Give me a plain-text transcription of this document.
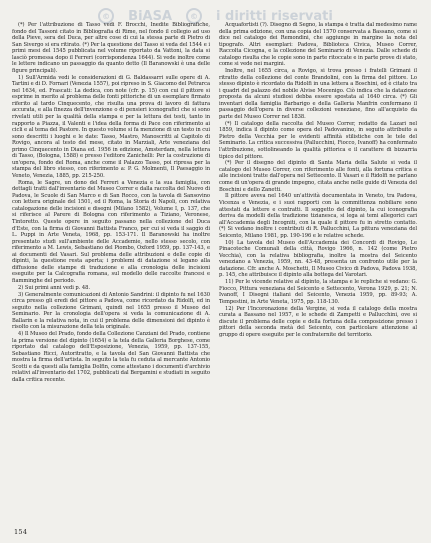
©	BiASA	©	i diritti riservati

(*) Per l'attribuzione di Tasso vedi F. Brocchi, Inedite Bibliografiche, fondo del Tassoni citato in Bibliografia di Rime, nel fondo il collegio ad uso della Pieve, sera del Duca, per altre cose di cui la stessa parte di Pietro di San Sivergo si era ritirato. (*) Per la questione del Tasso si veda del 1544 e i primi mesi del 1545 pubblicata nel volume riportato da Vattoni, la data si lasciò promessa dopo il Ferreri (corrispondenza 1644). Si vede inoltre come le lettere indicano un passaggio da quanto detto (Il Baranowski è una delle figure principali).

1) Sull'Armida vedi le considerazioni di G. Baldassarri sulle opere di A. Tartini e di D. Fornari (Venezia 1557), poi ripreso in S. Giacomo del Petrarca nel 1634, ed. Frascati: La dedica, con note (cfr. p. 15) con cui il pittore si esprime in merito al problema delle fonti pittoriche di un esemplare firmato riferito al tardo Cinquecento, che risulta una prova di lavoro di fattura accurata, e alla finezza dell'invenzione o di pensieri iconografici che si sono rivelati utili per la qualità della stampa e per la lettura dei testi, tanto in rapporto a Piazza, il Valenti e l'idea della forma di Pace con riferimento ai cicli e al tema del Pastore. In questo volume si fa menzione di un testo in cui sono descritti i luoghi e le date: Tasso, Mastro, Manoscritti al Capitolo di Rovigo, ancora al testo del mese, citato in Marziali, Arte veneziana del primo Cinquecento in Diana ed. 1956 in edizione, Amsterdam, nella lettera di Tasso, (Bologna, 1588) e presso l'editore Zanichelli: Per la costruzione di un'opera, fondo del Roma, anche come il Palazzo Tasso, poi ripresa per la stampa del libro stesso, con riferimento a: P. G. Molmenti, Il Paesaggio in Veneto, Venezia, 1885, pp. 215-250.

Roma, le Sagre, un dono del Ferreri a Venezia e la sua famiglia, con dettagli tratti dall'inventario del Museo Correr e dalla raccolta del Nuovo di Padova, le Scuole di San Marco e di San Rocco, con la tavola di Sansovino con lettera originale del 1501, ed il Roma, la Storia di Napoli, con relativa catalogazione delle incisioni e disegni (Milano 1582), Volume I, p. 137, che si riferisce al Parere di Bologna con riferimento a Tiziano, Veronese, Tintoretto. Queste opere in seguito passano nella collezione del Duca d'Este, con la firma di Giovanni Battista Franco, per cui si veda il saggio di L. Puppi in Arte Veneta, 1968, pp. 153-171. Il Baranowski ha inoltre presentato studi sull'ambiente delle Accademie, nello stesso secolo, con riferimento a M. Lewis, Sebastiano del Piombo, Oxford 1959, pp. 137-143, e ai documenti del Vasari. Sul problema delle attribuzioni e delle copie di dipinti, la questione resta aperta; i problemi di datazione si legano alla diffusione delle stampe di traduzione e alla cronologia delle incisioni eseguite per la Calcografia romana, sul modello delle raccolte francesi e fiamminghe del periodo.

2) Sui primi anni vedi p. 48.

3) Generalmente comunicazioni di Antonio Sandrini: il dipinto fu nel 1630 circa presso gli eredi del pittore a Padova, come ricordato da Ridolfi, ed in seguito nella collezione Grimani, quindi nel 1655 presso il Museo del Seminario. Per la cronologia dell'opera si veda la comunicazione di A. Ballarin e la relativa nota, in cui il problema delle dimensioni del dipinto è risolto con la misurazione della tela originale.

4) Il Museo del Prado, fondo della Collezione Canziani del Prado, contiene la prima versione del dipinto (1654) e la tela della Galleria Borghese, come riportato dal catalogo dell'Esposizione, Venezia, 1959, pp. 137-155, Sebastiano Ricci, Autoritratto, e la tavola del San Giovanni Battista che mostra la firma dell'artista. In seguito la tela fu ceduta al mercante Antonio Scotti e da questi alla famiglia Dolfin, come attestano i documenti d'archivio relativi all'inventario del 1702, pubblicati dal Bergamini e studiati in seguito dalla critica recente.

Acquafortisti (?). Disegno di Segno, la stampa è tratta dal medesimo rame della prima edizione, con una copia del 1570 conservata a Bassano, come si dice nel catalogo dei Remondini, che aggiunge in margine la nota del tipografo. Altri esemplari: Padova, Biblioteca Civica, Museo Correr, Raccolta Cicogna, e la collezione del Seminario di Venezia. Dalle schede di catalogo risulta che le copie sono in parte ritoccate e in parte prove di stato, come si vede nei margini.

Inoltre, nel 1655 circa, a Rovigo, si trova presso i fratelli Grimani il ritratto della collezione del conte Brandolini, con la firma del pittore. Lo stesso dipinto è ricordato da Ridolfi in una lettera a Boschini, ed è citato tra i quadri del palazzo del nobile Alvise Mocenigo. Ciò indica che la datazione proposta da alcuni studiosi debba essere spostata al 1640 circa. (*) Gli inventari della famiglia Barbarigo e della Galleria Manfrin confermano il passaggio dell'opera in diverse collezioni veneziane, fino all'acquisto da parte del Museo Correr nel 1838.

(*) Il catalogo della raccolta del Museo Correr, redatto da Lazari nel 1859, indica il dipinto come opera del Padovanino, in seguito attribuito a Pietro della Vecchia per le evidenti affinità stilistiche con le tele del Seminario. La critica successiva (Pallucchini, Fiocco, Ivanoff) ha confermato l'attribuzione, sottolineando la qualità pittorica e il carattere di bizzarria tipico del pittore.

(*) Per il disegno del dipinto di Santa Maria della Salute si veda il catalogo del Museo Correr, con riferimento alle fonti, alla fortuna critica e alle incisioni tratte dall'opera nel Settecento. Il Vasari e il Ridolfi ne parlano come di un'opera di grande impegno, citata anche nelle guide di Venezia del Boschini e dello Zanetti.

Il pittore aveva nel 1640 un'attività documentata in Veneto, tra Padova, Vicenza e Venezia, e i suoi rapporti con la committenza nobiliare sono attestati da lettere e contratti. Il soggetto del dipinto, la cui iconografia deriva da modelli della tradizione tizianesca, si lega ai temi allegorici cari all'Accademia degli Incogniti, con la quale il pittore fu in stretto contatto. (*) Si vedano inoltre i contributi di R. Pallucchini, La pittura veneziana del Seicento, Milano 1981, pp. 190-196 e le relative schede.

10) La tavola del Museo dell'Accademia dei Concordi di Rovigo, Le Pinacoteche Comunali della città, Rovigo 1966, n. 142 (come Pietro Vecchia), con la relativa bibliografia, inoltre la mostra del Seicento veneziano a Venezia, 1959, nn. 43-48, presenta un confronto utile per la datazione. Cfr. anche A. Moschetti, Il Museo Civico di Padova, Padova 1938, p. 145, che attribuisce il dipinto alla bottega del Varotari.

11) Per le vicende relative al dipinto, la stampa e le repliche si vedano: G. Fiocco, Pittura veneziana del Seicento e Settecento, Verona 1929, p. 21; N. Ivanoff, I Disegni italiani del Seicento, Venezia 1959, pp. 89-93; A. Tempestini, in Arte Veneta, 1975, pp. 118-130.

12) Per l'Incoronazione della Vergine, si veda il catalogo della mostra curata a Bassano nel 1957, e le schede di Zampetti e Pallucchini, ove si discute il problema delle copie e della fortuna della composizione presso i pittori della seconda metà del Seicento, con particolare attenzione al gruppo di opere eseguite per le confraternite del territorio.

154
